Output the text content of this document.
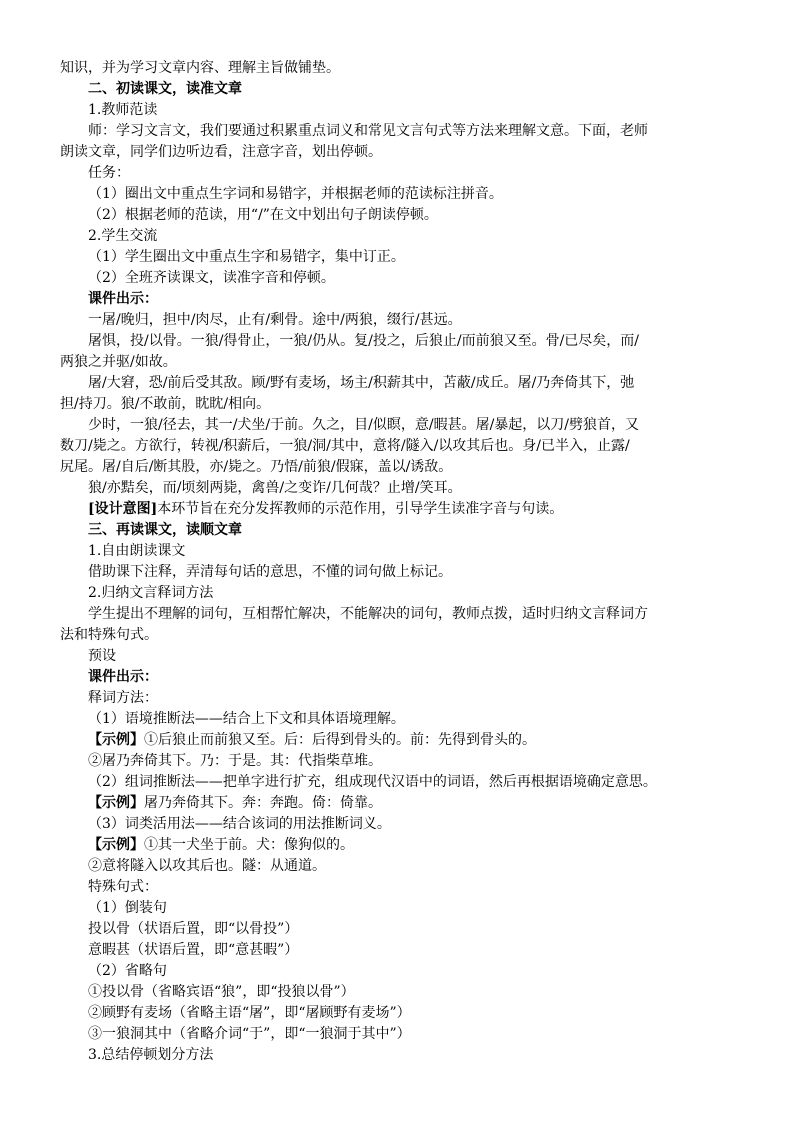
知识，并为学习文章内容、理解主旨做铺垫。
二、初读课文，读准文章
1.教师范读
师：学习文言文，我们要通过积累重点词义和常见文言句式等方法来理解文意。下面，老师
朗读文章，同学们边听边看，注意字音，划出停顿。
任务：
（1）圈出文中重点生字词和易错字，并根据老师的范读标注拼音。
（2）根据老师的范读，用“/”在文中划出句子朗读停顿。
2.学生交流
（1）学生圈出文中重点生字和易错字，集中订正。
（2）全班齐读课文，读准字音和停顿。
课件出示：
一屠/晚归，担中/肉尽，止有/剩骨。途中/两狼，缀行/甚远。
屠惧，投/以骨。一狼/得骨止，一狼/仍从。复/投之，后狼止/而前狼又至。骨/已尽矣，而/
两狼之并驱/如故。
屠/大窘，恐/前后受其敌。顾/野有麦场，场主/积薪其中，苫蔽/成丘。屠/乃奔倚其下，弛
担/持刀。狼/不敢前，眈眈/相向。
少时，一狼/径去，其一/犬坐/于前。久之，目/似瞑，意/暇甚。屠/暴起，以刀/劈狼首，又
数刀/毙之。方欲行，转视/积薪后，一狼/洞/其中，意将/隧入/以攻其后也。身/已半入，止露/
尻尾。屠/自后/断其股，亦/毙之。乃悟/前狼/假寐，盖以/诱敌。
狼/亦黠矣，而/顷刻两毙，禽兽/之变诈/几何哉？止增/笑耳。
[设计意图]本环节旨在充分发挥教师的示范作用，引导学生读准字音与句读。
三、再读课文，读顺文章
1.自由朗读课文
借助课下注释，弄清每句话的意思，不懂的词句做上标记。
2.归纳文言释词方法
学生提出不理解的词句，互相帮忙解决，不能解决的词句，教师点拨，适时归纳文言释词方
法和特殊句式。
预设
课件出示：
释词方法：
（1）语境推断法——结合上下文和具体语境理解。
【示例】①后狼止而前狼又至。后：后得到骨头的。前：先得到骨头的。
②屠乃奔倚其下。乃：于是。其：代指柴草堆。
（2）组词推断法——把单字进行扩充，组成现代汉语中的词语，然后再根据语境确定意思。
【示例】屠乃奔倚其下。奔：奔跑。倚：倚靠。
（3）词类活用法——结合该词的用法推断词义。
【示例】①其一犬坐于前。犬：像狗似的。
②意将隧入以攻其后也。隧：从通道。
特殊句式：
（1）倒装句
投以骨（状语后置，即“以骨投”）
意暇甚（状语后置，即“意甚暇”）
（2）省略句
①投以骨（省略宾语“狼”，即“投狼以骨”）
②顾野有麦场（省略主语“屠”，即“屠顾野有麦场”）
③一狼洞其中（省略介词“于”，即“一狼洞于其中”）
3.总结停顿划分方法
